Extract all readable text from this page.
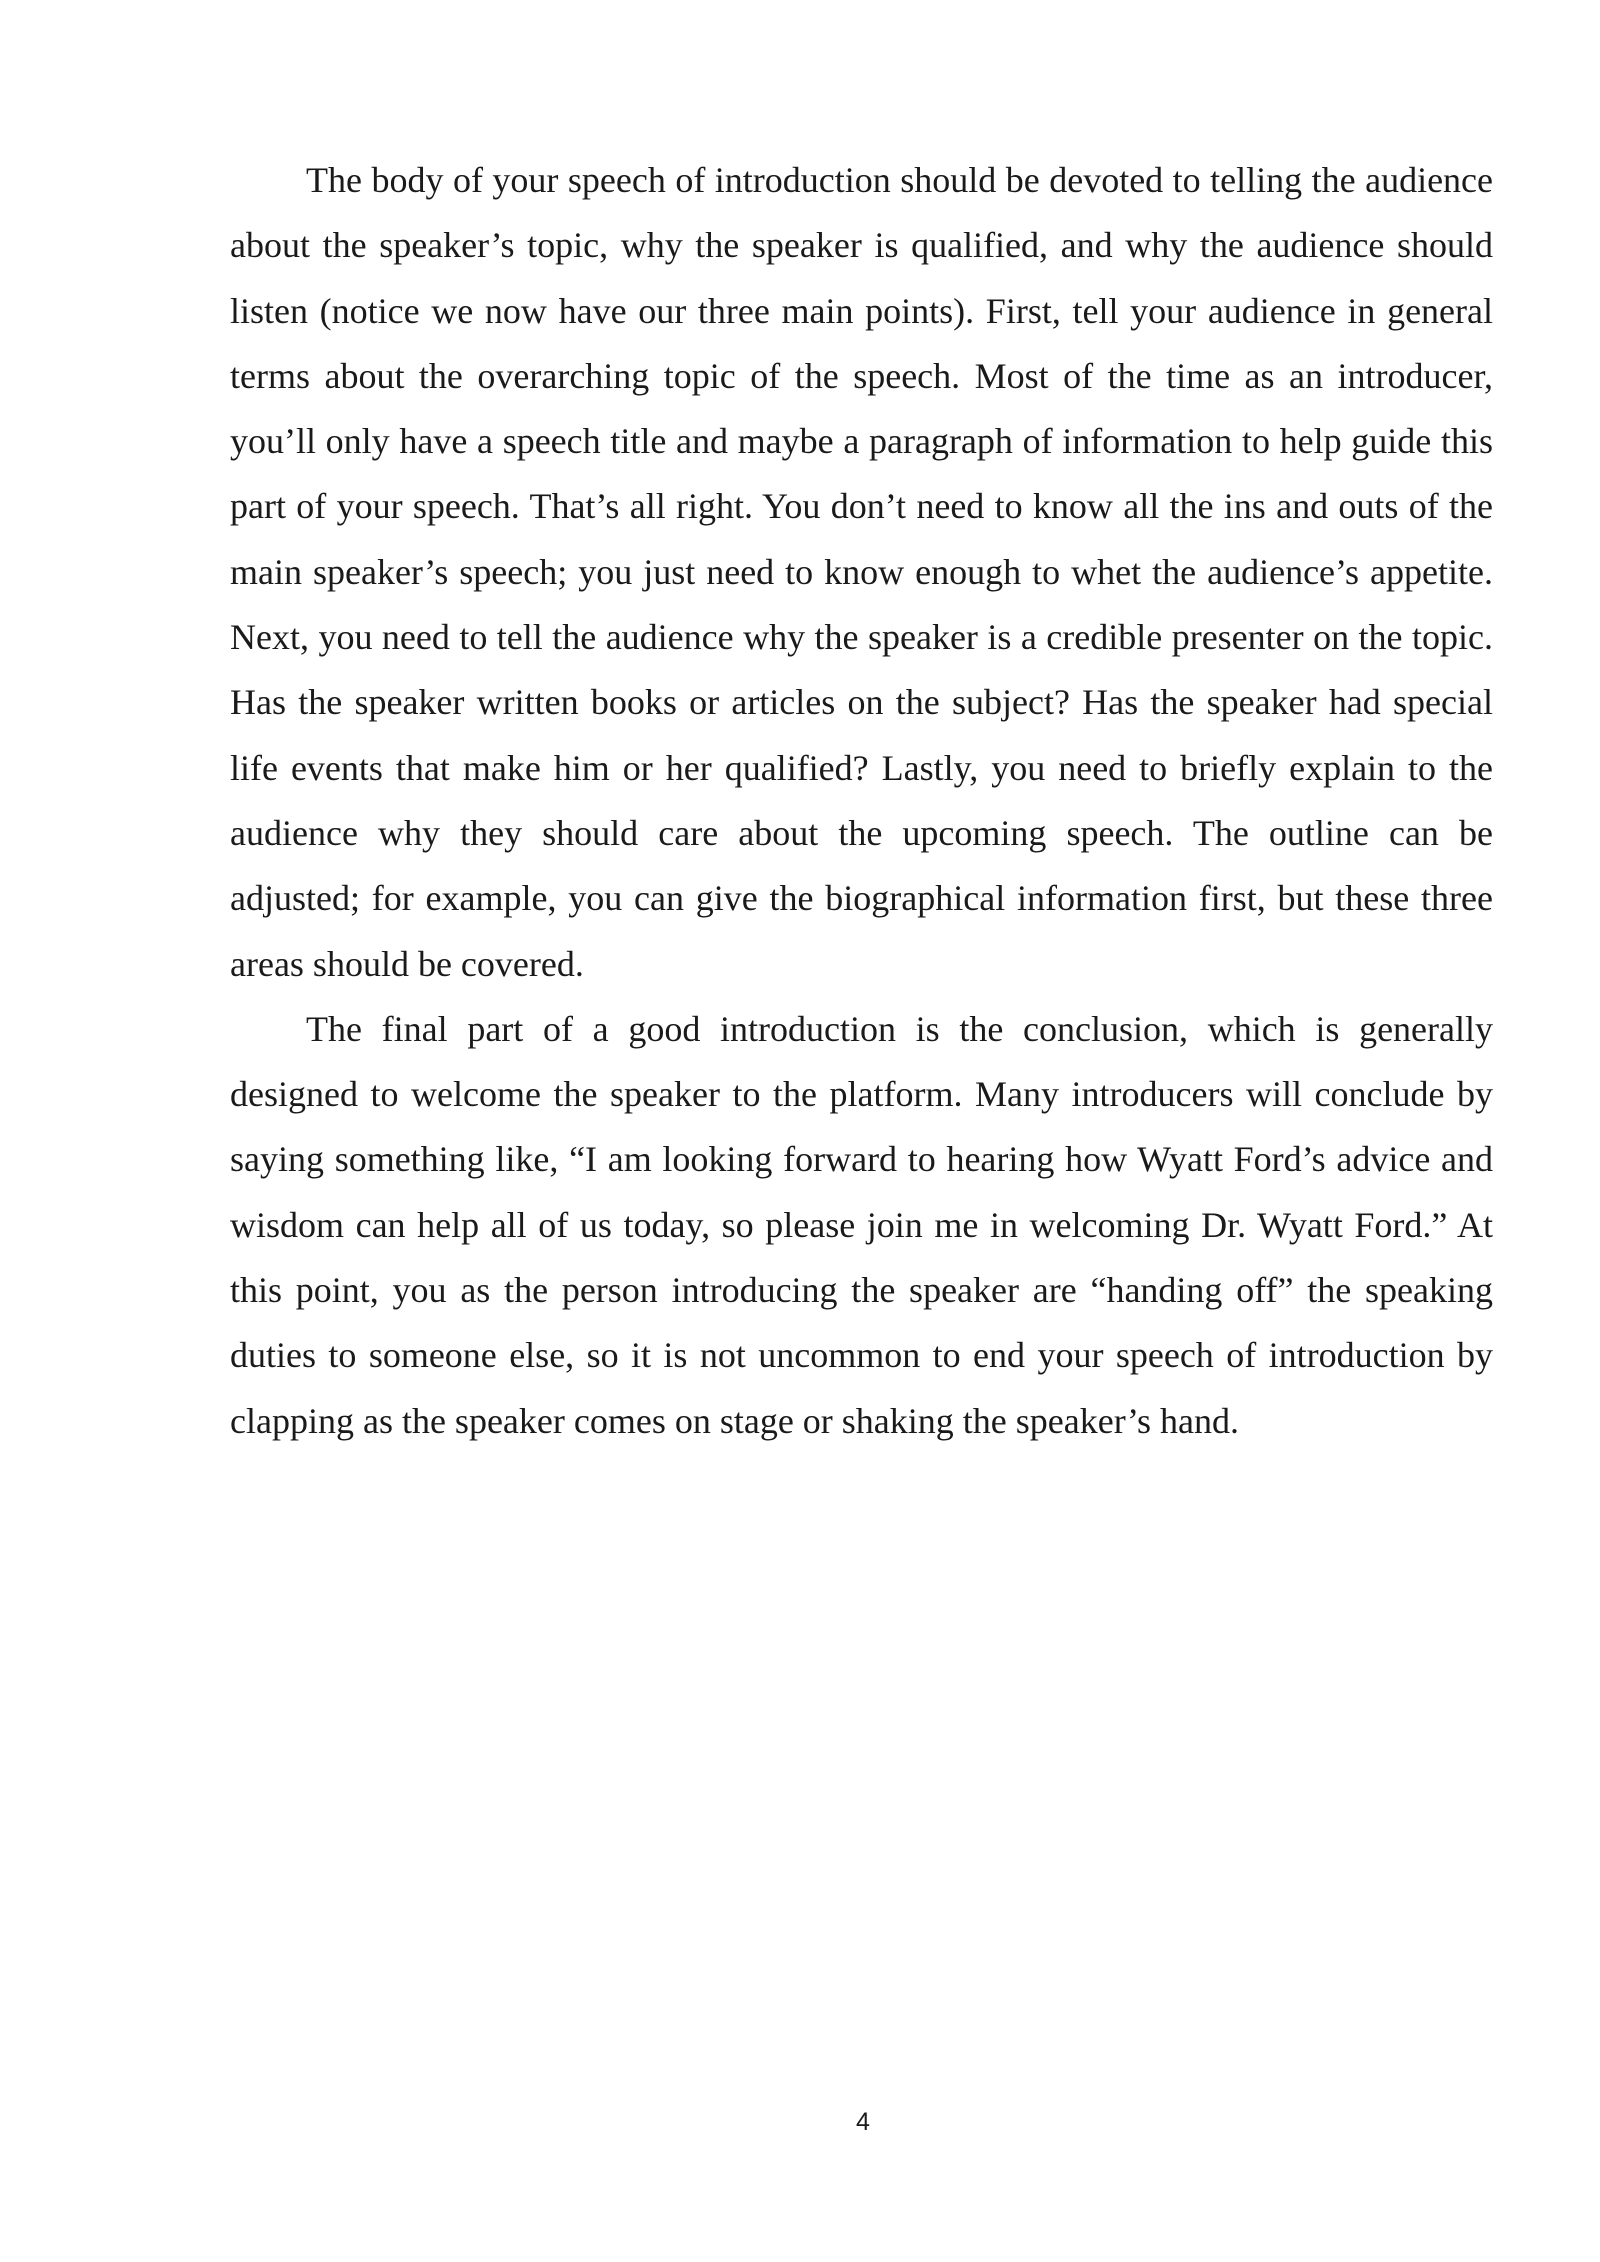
The body of your speech of introduction should be devoted to telling the audience about the speaker’s topic, why the speaker is qualified, and why the audience should listen (notice we now have our three main points). First, tell your audience in general terms about the overarching topic of the speech. Most of the time as an introducer, you’ll only have a speech title and maybe a paragraph of information to help guide this part of your speech. That’s all right. You don’t need to know all the ins and outs of the main speaker’s speech; you just need to know enough to whet the audience’s appetite. Next, you need to tell the audience why the speaker is a credible presenter on the topic. Has the speaker written books or articles on the subject? Has the speaker had special life events that make him or her qualified? Lastly, you need to briefly explain to the audience why they should care about the upcoming speech. The outline can be adjusted; for example, you can give the biographical information first, but these three areas should be covered.

The final part of a good introduction is the conclusion, which is generally designed to welcome the speaker to the platform. Many introducers will conclude by saying something like, “I am looking forward to hearing how Wyatt Ford’s advice and wisdom can help all of us today, so please join me in welcoming Dr. Wyatt Ford.” At this point, you as the person introducing the speaker are “handing off” the speaking duties to someone else, so it is not uncommon to end your speech of introduction by clapping as the speaker comes on stage or shaking the speaker’s hand.

4
